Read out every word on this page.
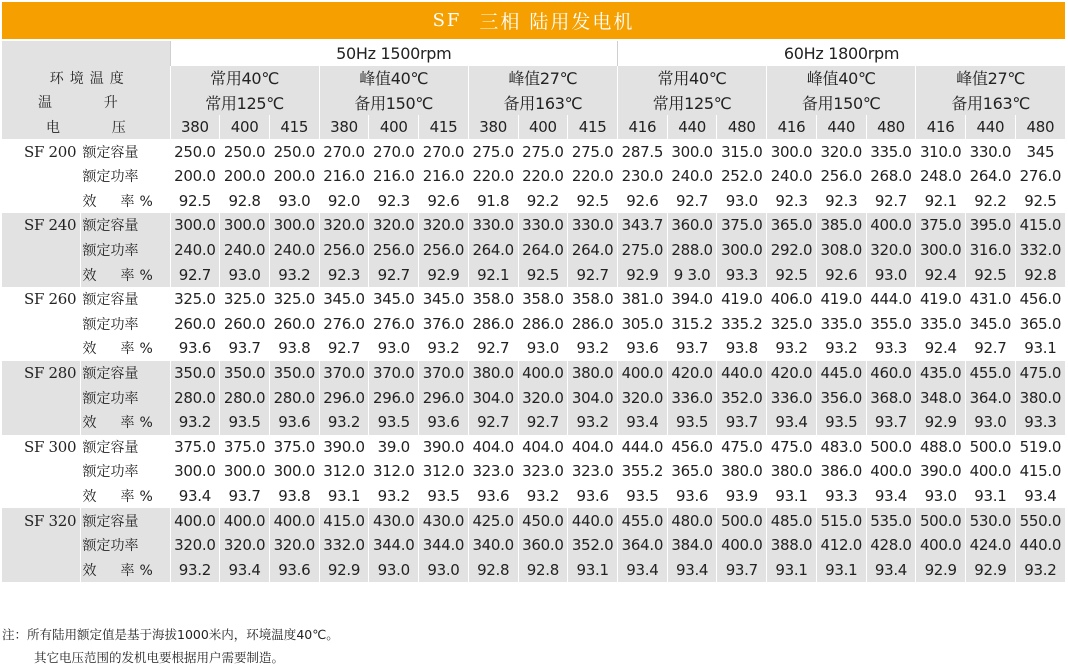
SF 三相 陆用发电机
		50Hz 1500rpm									60Hz 1800rpm								
环境温度		常用40℃			峰值40℃			峰值27℃			常用40℃			峰值40℃			峰值27℃		
温 升		常用125℃			备用150℃			备用163℃			常用125℃			备用150℃			备用163℃		
电 压		380	400	415	380	400	415	380	400	415	416	440	480	416	440	480	416	440	480
SF 200	额定容量	250.0	250.0	250.0	270.0	270.0	270.0	275.0	275.0	275.0	287.5	300.0	315.0	300.0	320.0	335.0	310.0	330.0	345
	额定功率	200.0	200.0	200.0	216.0	216.0	216.0	220.0	220.0	220.0	230.0	240.0	252.0	240.0	256.0	268.0	248.0	264.0	276.0
	效　率%	92.5	92.8	93.0	92.0	92.3	92.6	91.8	92.2	92.5	92.6	92.7	93.0	92.3	92.3	92.7	92.1	92.2	92.5
SF 240	额定容量	300.0	300.0	300.0	320.0	320.0	320.0	330.0	330.0	330.0	343.7	360.0	375.0	365.0	385.0	400.0	375.0	395.0	415.0
	额定功率	240.0	240.0	240.0	256.0	256.0	256.0	264.0	264.0	264.0	275.0	288.0	300.0	292.0	308.0	320.0	300.0	316.0	332.0
	效　率%	92.7	93.0	93.2	92.3	92.7	92.9	92.1	92.5	92.7	92.9	9 3.0	93.3	92.5	92.6	93.0	92.4	92.5	92.8
SF 260	额定容量	325.0	325.0	325.0	345.0	345.0	345.0	358.0	358.0	358.0	381.0	394.0	419.0	406.0	419.0	444.0	419.0	431.0	456.0
	额定功率	260.0	260.0	260.0	276.0	276.0	376.0	286.0	286.0	286.0	305.0	315.2	335.2	325.0	335.0	355.0	335.0	345.0	365.0
	效　率%	93.6	93.7	93.8	92.7	93.0	93.2	92.7	93.0	93.2	93.6	93.7	93.8	93.2	93.2	93.3	92.4	92.7	93.1
SF 280	额定容量	350.0	350.0	350.0	370.0	370.0	370.0	380.0	400.0	380.0	400.0	420.0	440.0	420.0	445.0	460.0	435.0	455.0	475.0
	额定功率	280.0	280.0	280.0	296.0	296.0	296.0	304.0	320.0	304.0	320.0	336.0	352.0	336.0	356.0	368.0	348.0	364.0	380.0
	效　率%	93.2	93.5	93.6	93.2	93.5	93.6	92.7	92.7	93.2	93.4	93.5	93.7	93.4	93.5	93.7	92.9	93.0	93.3
SF 300	额定容量	375.0	375.0	375.0	390.0	39.0	390.0	404.0	404.0	404.0	444.0	456.0	475.0	475.0	483.0	500.0	488.0	500.0	519.0
	额定功率	300.0	300.0	300.0	312.0	312.0	312.0	323.0	323.0	323.0	355.2	365.0	380.0	380.0	386.0	400.0	390.0	400.0	415.0
	效　率%	93.4	93.7	93.8	93.1	93.2	93.5	93.6	93.2	93.6	93.5	93.6	93.9	93.1	93.3	93.4	93.0	93.1	93.4
SF 320	额定容量	400.0	400.0	400.0	415.0	430.0	430.0	425.0	450.0	440.0	455.0	480.0	500.0	485.0	515.0	535.0	500.0	530.0	550.0
	额定功率	320.0	320.0	320.0	332.0	344.0	344.0	340.0	360.0	352.0	364.0	384.0	400.0	388.0	412.0	428.0	400.0	424.0	440.0
	效　率%	93.2	93.4	93.6	92.9	93.0	93.0	92.8	92.8	93.1	93.4	93.4	93.7	93.1	93.1	93.4	92.9	92.9	93.2
注：所有陆用额定值是基于海拔1000米内，环境温度40℃。
其它电压范围的发机电要根据用户需要制造。
